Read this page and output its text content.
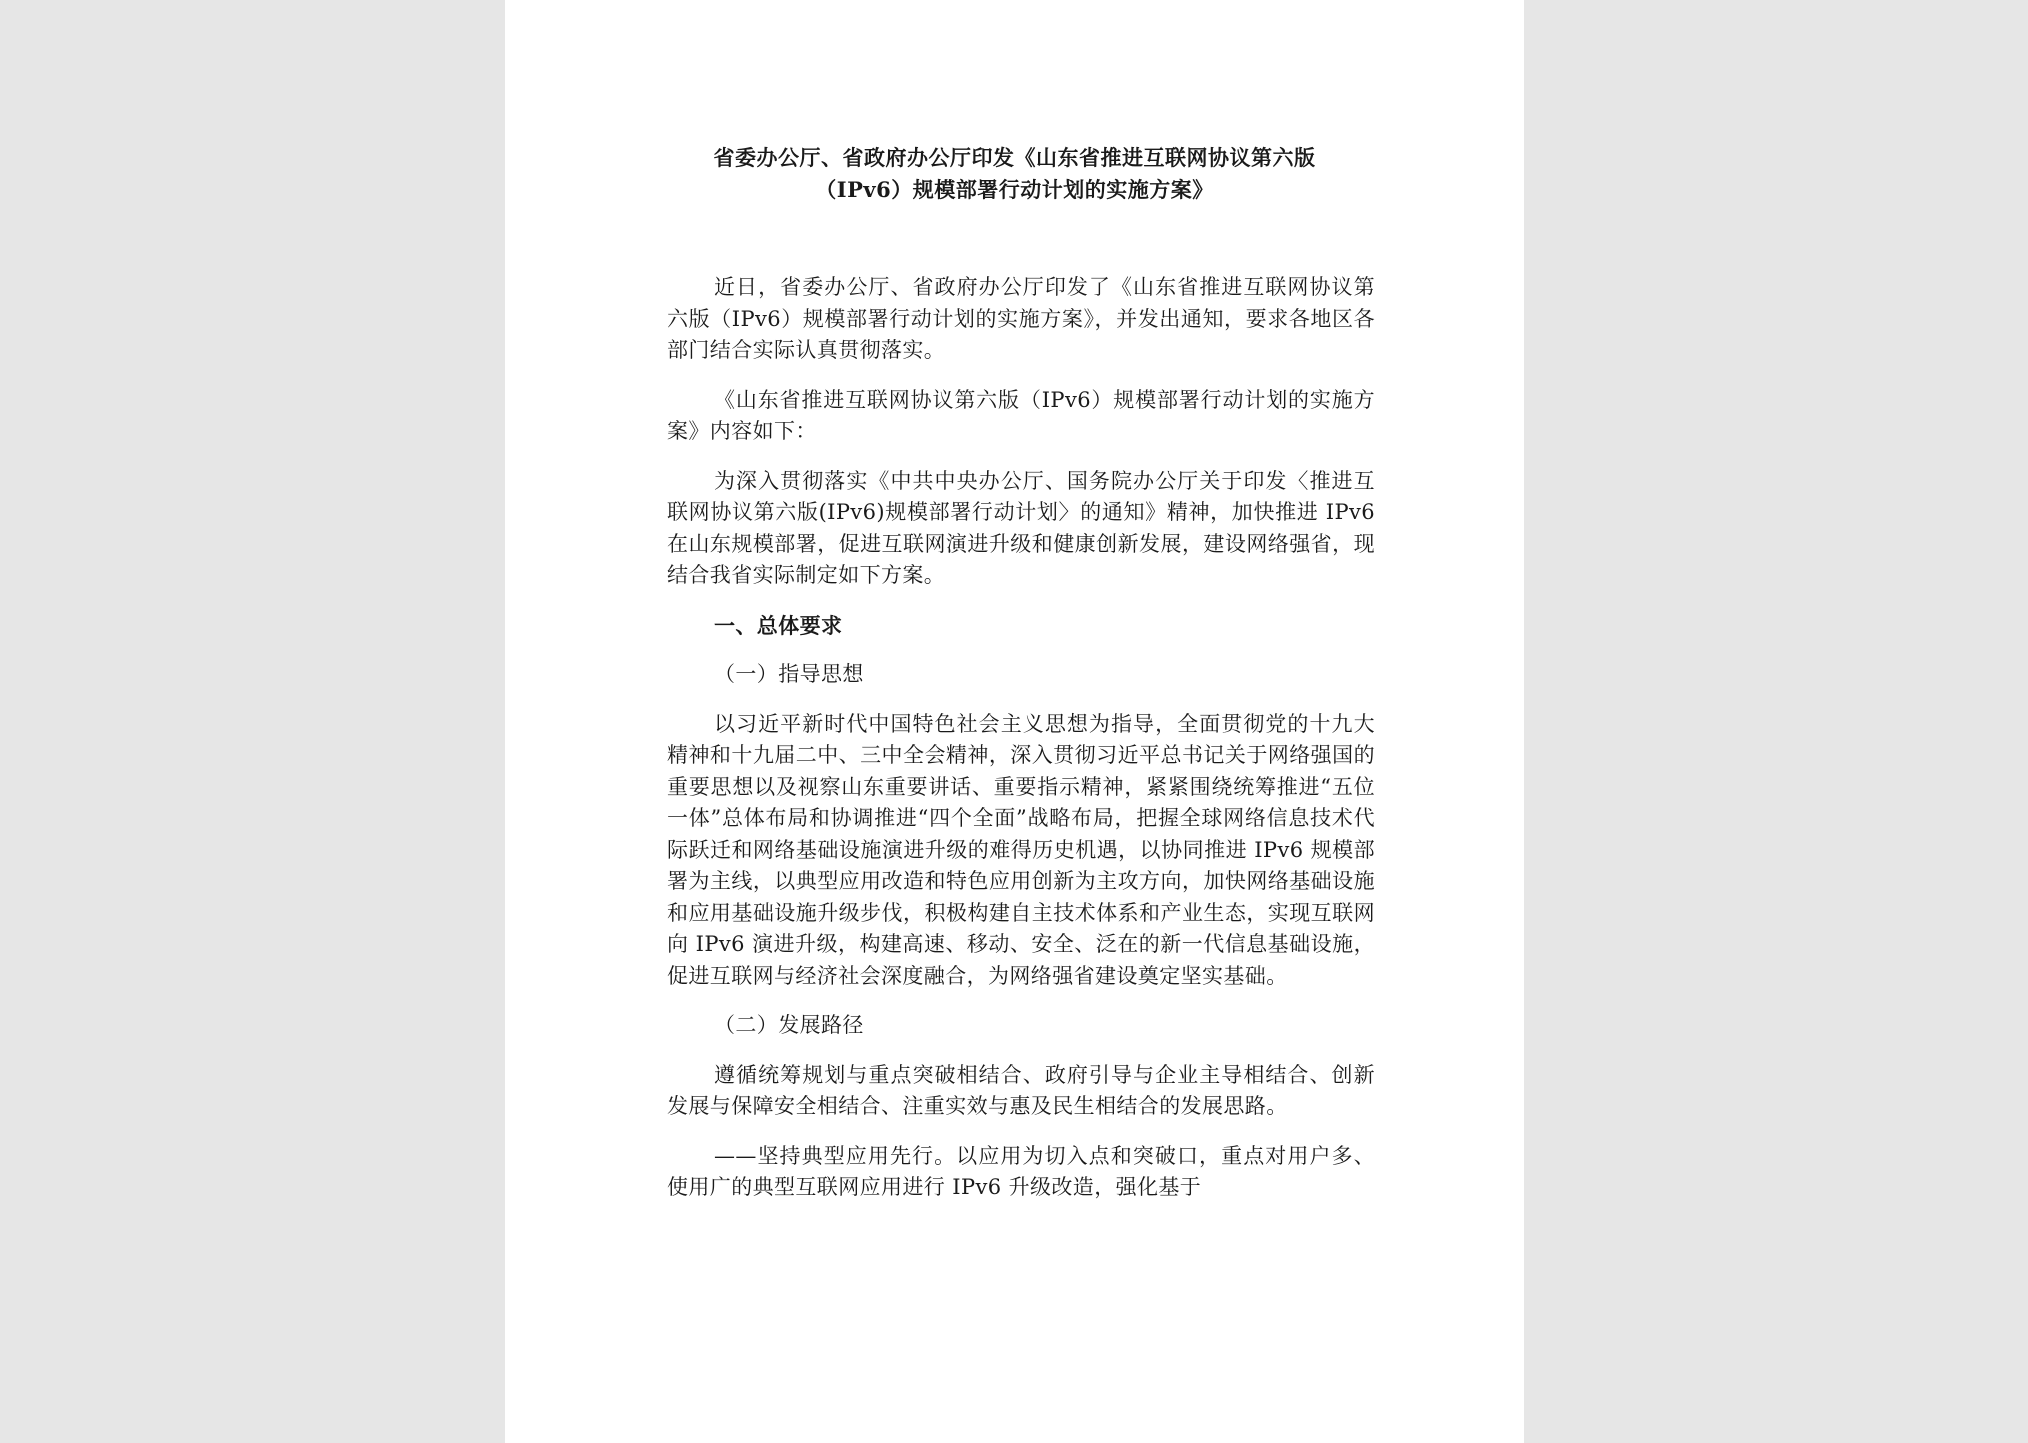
省委办公厅、省政府办公厅印发《山东省推进互联网协议第六版
（IPv6）规模部署行动计划的实施方案》

近日，省委办公厅、省政府办公厅印发了《山东省推进互联网协议第六版（IPv6）规模部署行动计划的实施方案》，并发出通知，要求各地区各部门结合实际认真贯彻落实。

《山东省推进互联网协议第六版（IPv6）规模部署行动计划的实施方案》内容如下：

为深入贯彻落实《中共中央办公厅、国务院办公厅关于印发〈推进互联网协议第六版(IPv6)规模部署行动计划〉的通知》精神，加快推进 IPv6 在山东规模部署，促进互联网演进升级和健康创新发展，建设网络强省，现结合我省实际制定如下方案。

一、总体要求

（一）指导思想

以习近平新时代中国特色社会主义思想为指导，全面贯彻党的十九大精神和十九届二中、三中全会精神，深入贯彻习近平总书记关于网络强国的重要思想以及视察山东重要讲话、重要指示精神，紧紧围绕统筹推进“五位一体”总体布局和协调推进“四个全面”战略布局，把握全球网络信息技术代际跃迁和网络基础设施演进升级的难得历史机遇，以协同推进 IPv6 规模部署为主线，以典型应用改造和特色应用创新为主攻方向，加快网络基础设施和应用基础设施升级步伐，积极构建自主技术体系和产业生态，实现互联网向 IPv6 演进升级，构建高速、移动、安全、泛在的新一代信息基础设施，促进互联网与经济社会深度融合，为网络强省建设奠定坚实基础。

（二）发展路径

遵循统筹规划与重点突破相结合、政府引导与企业主导相结合、创新发展与保障安全相结合、注重实效与惠及民生相结合的发展思路。

——坚持典型应用先行。以应用为切入点和突破口，重点对用户多、使用广的典型互联网应用进行 IPv6 升级改造，强化基于
